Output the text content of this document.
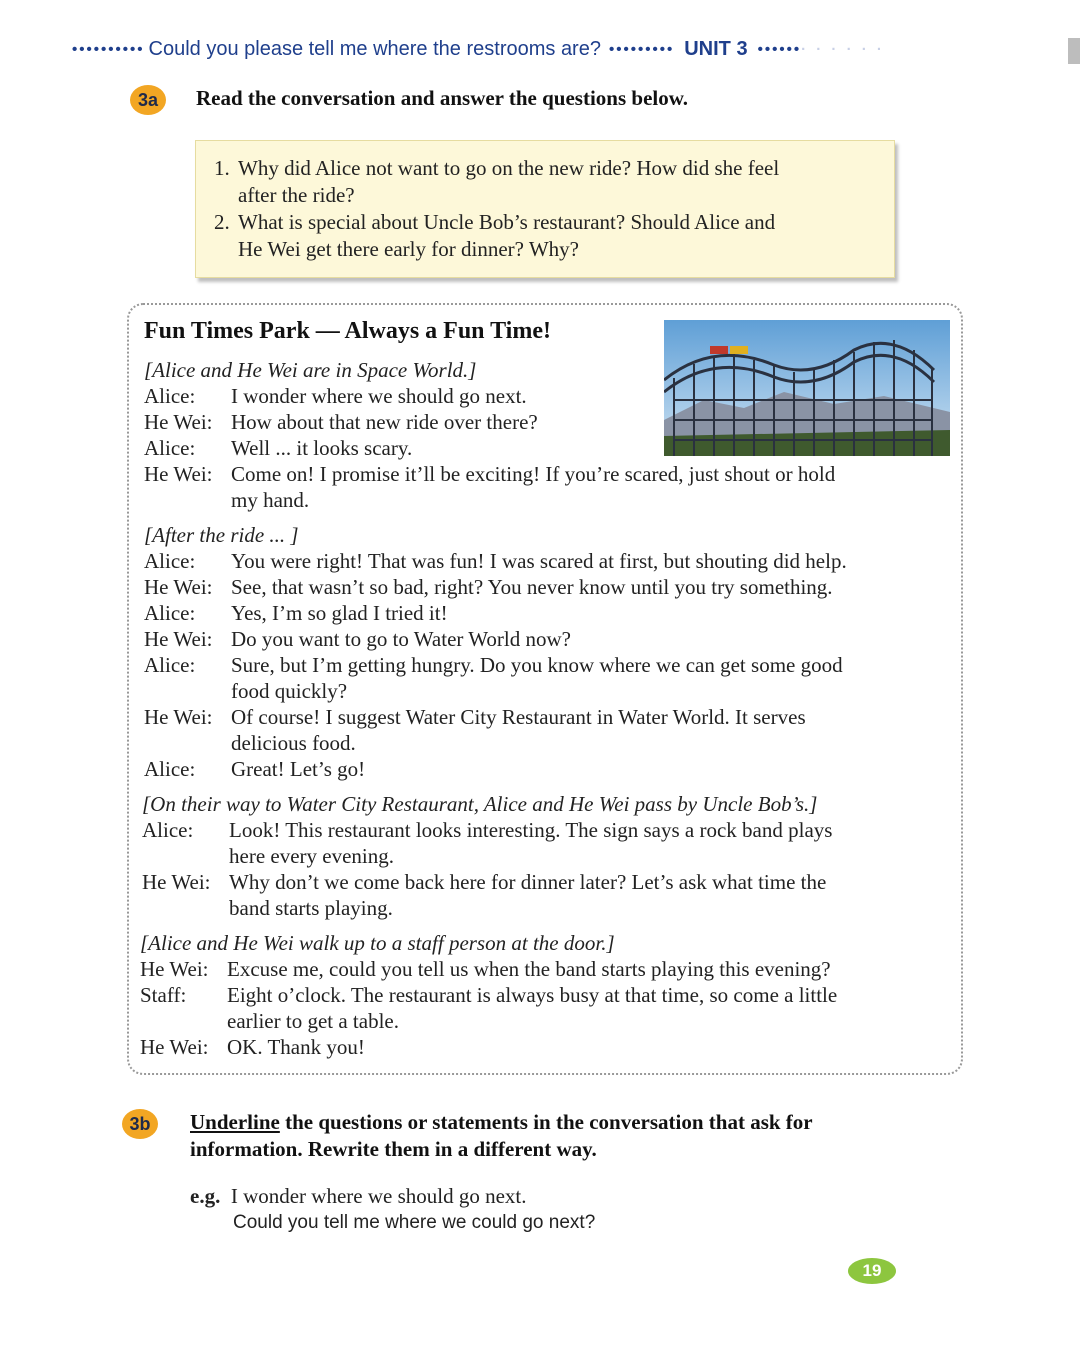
•••••••••• Could you please tell me where the restrooms are? ••••••••• UNIT 3 •••••• · · · · · ·
3a	Read the conversation and answer the questions below.
1. Why did Alice not want to go on the new ride? How did she feel
after the ride?
2. What is special about Uncle Bob’s restaurant? Should Alice and
He Wei get there early for dinner? Why?
Fun Times Park — Always a Fun Time!
[Alice and He Wei are in Space World.]
Alice: I wonder where we should go next.
He Wei: How about that new ride over there?
Alice: Well ... it looks scary.
He Wei: Come on! I promise it’ll be exciting! If you’re scared, just shout or hold
my hand.
[After the ride ... ]
Alice: You were right! That was fun! I was scared at first, but shouting did help.
He Wei: See, that wasn’t so bad, right? You never know until you try something.
Alice: Yes, I’m so glad I tried it!
He Wei: Do you want to go to Water World now?
Alice: Sure, but I’m getting hungry. Do you know where we can get some good
food quickly?
He Wei: Of course! I suggest Water City Restaurant in Water World. It serves
delicious food.
Alice: Great! Let’s go!
[On their way to Water City Restaurant, Alice and He Wei pass by Uncle Bob’s.]
Alice: Look! This restaurant looks interesting. The sign says a rock band plays
here every evening.
He Wei: Why don’t we come back here for dinner later? Let’s ask what time the
band starts playing.
[Alice and He Wei walk up to a staff person at the door.]
He Wei: Excuse me, could you tell us when the band starts playing this evening?
Staff: Eight o’clock. The restaurant is always busy at that time, so come a little
earlier to get a table.
He Wei: OK. Thank you!
3b	Underline the questions or statements in the conversation that ask for
information. Rewrite them in a different way.
e.g. I wonder where we should go next.
Could you tell me where we could go next?
19
